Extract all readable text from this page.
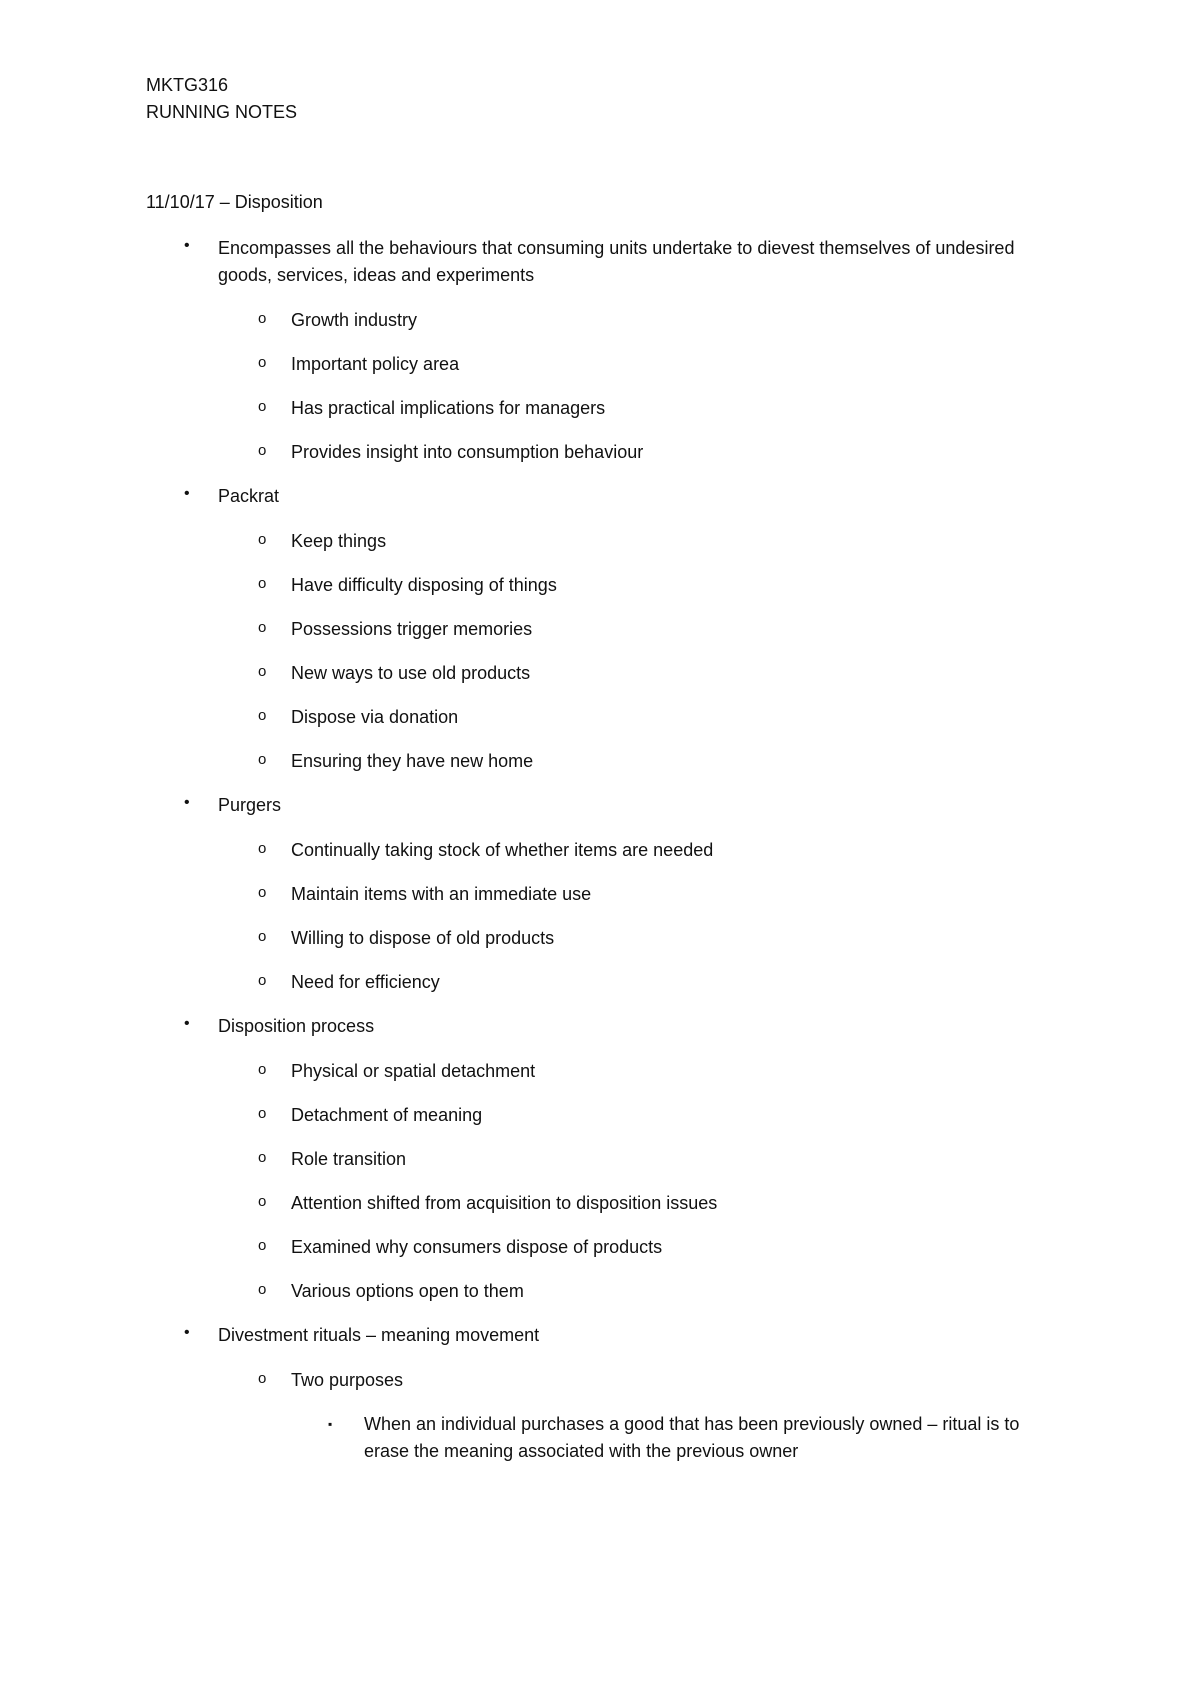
MKTG316
RUNNING NOTES
11/10/17 – Disposition
• Encompasses all the behaviours that consuming units undertake to dievest themselves of undesired goods, services, ideas and experiments
o Growth industry
o Important policy area
o Has practical implications for managers
o Provides insight into consumption behaviour
• Packrat
o Keep things
o Have difficulty disposing of things
o Possessions trigger memories
o New ways to use old products
o Dispose via donation
o Ensuring they have new home
• Purgers
o Continually taking stock of whether items are needed
o Maintain items with an immediate use
o Willing to dispose of old products
o Need for efficiency
• Disposition process
o Physical or spatial detachment
o Detachment of meaning
o Role transition
o Attention shifted from acquisition to disposition issues
o Examined why consumers dispose of products
o Various options open to them
• Divestment rituals – meaning movement
o Two purposes
▪ When an individual purchases a good that has been previously owned – ritual is to erase the meaning associated with the previous owner
